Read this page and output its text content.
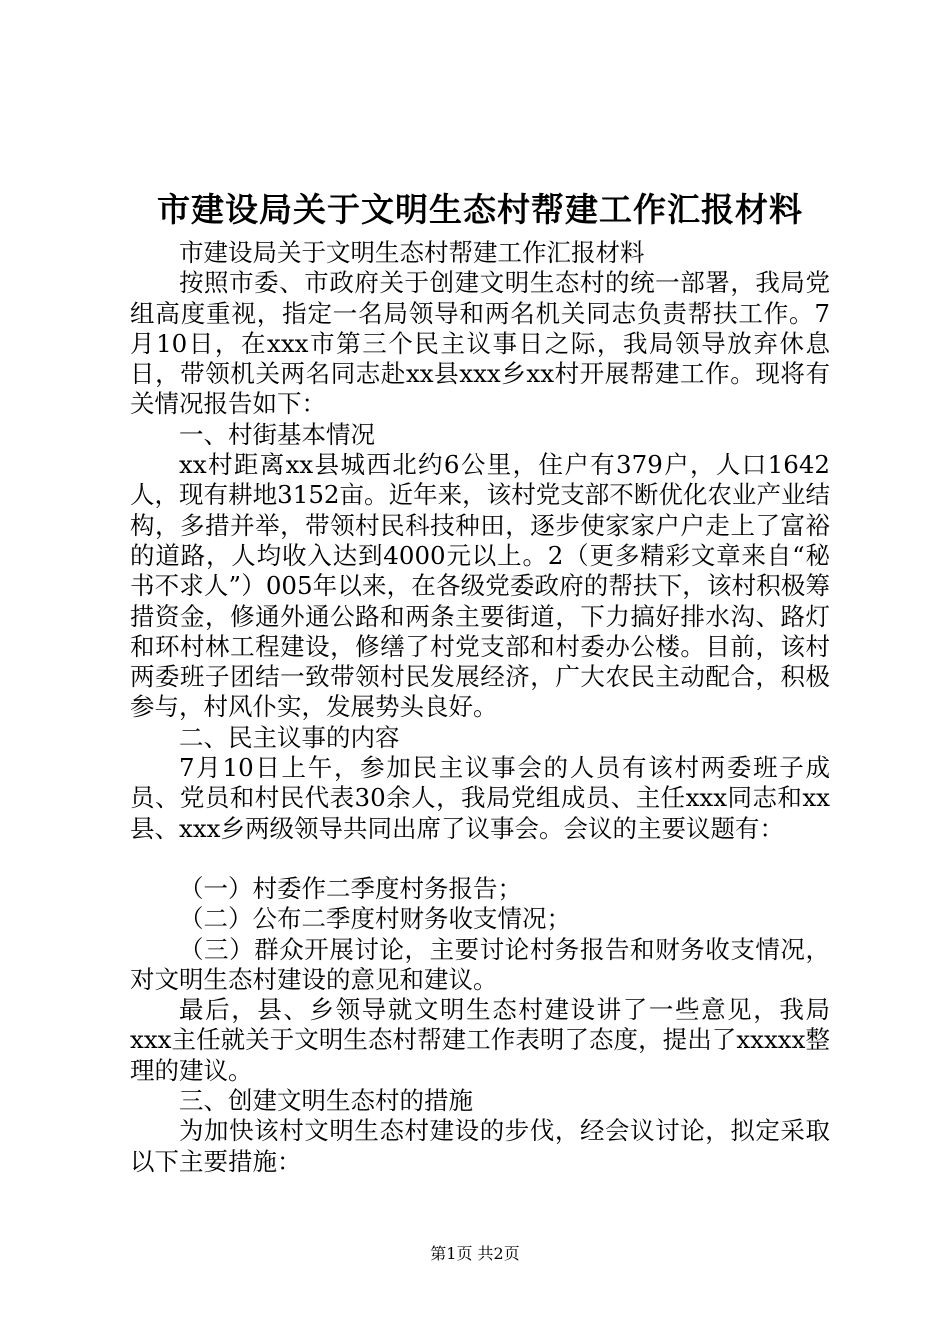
市建设局关于文明生态村帮建工作汇报材料

市建设局关于文明生态村帮建工作汇报材料

按照市委、市政府关于创建文明生态村的统一部署，我局党组高度重视，指定一名局领导和两名机关同志负责帮扶工作。7月10日，在xxx市第三个民主议事日之际，我局领导放弃休息日，带领机关两名同志赴xx县xxx乡xx村开展帮建工作。现将有关情况报告如下：

一、村街基本情况

xx村距离xx县城西北约6公里，住户有379户，人口1642人，现有耕地3152亩。近年来，该村党支部不断优化农业产业结构，多措并举，带领村民科技种田，逐步使家家户户走上了富裕的道路，人均收入达到4000元以上。2（更多精彩文章来自“秘书不求人”）005年以来，在各级党委政府的帮扶下，该村积极筹措资金，修通外通公路和两条主要街道，下力搞好排水沟、路灯和环村林工程建设，修缮了村党支部和村委办公楼。目前，该村两委班子团结一致带领村民发展经济，广大农民主动配合，积极参与，村风仆实，发展势头良好。

二、民主议事的内容

7月10日上午，参加民主议事会的人员有该村两委班子成员、党员和村民代表30余人，我局党组成员、主任xxx同志和xx县、xxx乡两级领导共同出席了议事会。会议的主要议题有：

（一）村委作二季度村务报告；

（二）公布二季度村财务收支情况；

（三）群众开展讨论，主要讨论村务报告和财务收支情况，对文明生态村建设的意见和建议。

最后，县、乡领导就文明生态村建设讲了一些意见，我局xxx主任就关于文明生态村帮建工作表明了态度，提出了xxxxx整理的建议。

三、创建文明生态村的措施

为加快该村文明生态村建设的步伐，经会议讨论，拟定采取以下主要措施：

第1页 共2页
